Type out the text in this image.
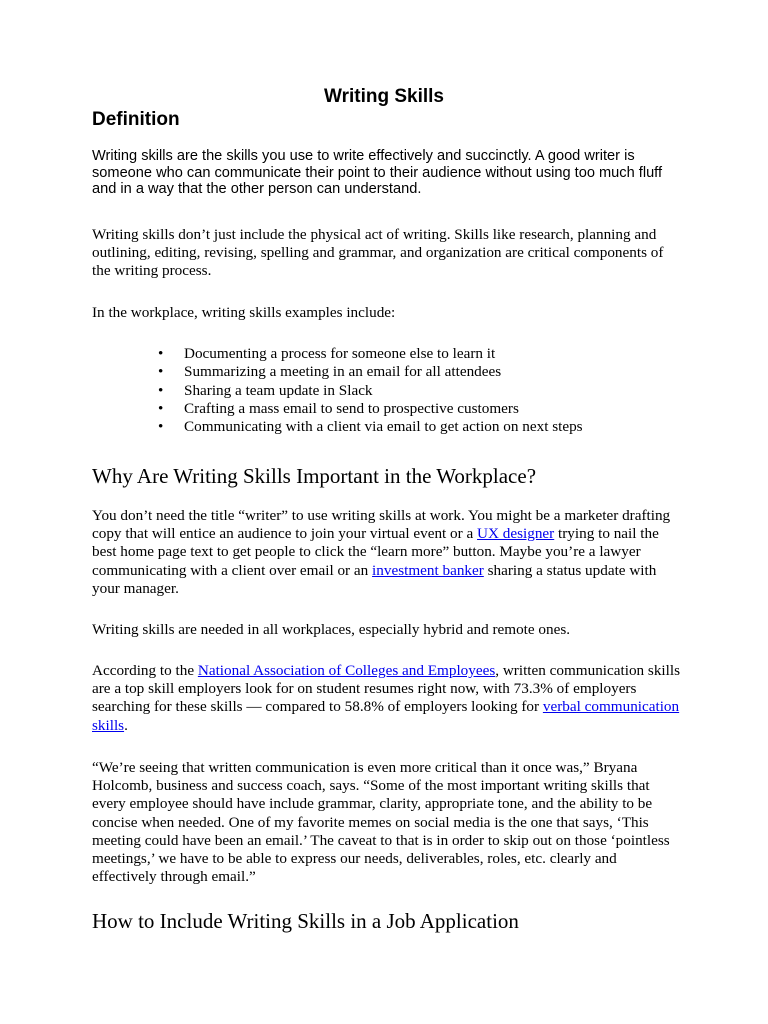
Writing Skills
Definition

Writing skills are the skills you use to write effectively and succinctly. A good writer is someone who can communicate their point to their audience without using too much fluff and in a way that the other person can understand.

Writing skills don’t just include the physical act of writing. Skills like research, planning and outlining, editing, revising, spelling and grammar, and organization are critical components of the writing process.

In the workplace, writing skills examples include:

• Documenting a process for someone else to learn it
• Summarizing a meeting in an email for all attendees
• Sharing a team update in Slack
• Crafting a mass email to send to prospective customers
• Communicating with a client via email to get action on next steps
Why Are Writing Skills Important in the Workplace?

You don’t need the title “writer” to use writing skills at work. You might be a marketer drafting copy that will entice an audience to join your virtual event or a UX designer trying to nail the best home page text to get people to click the “learn more” button. Maybe you’re a lawyer communicating with a client over email or an investment banker sharing a status update with your manager.

Writing skills are needed in all workplaces, especially hybrid and remote ones.

According to the National Association of Colleges and Employees, written communication skills are a top skill employers look for on student resumes right now, with 73.3% of employers searching for these skills — compared to 58.8% of employers looking for verbal communication skills.

“We’re seeing that written communication is even more critical than it once was,” Bryana Holcomb, business and success coach, says. “Some of the most important writing skills that every employee should have include grammar, clarity, appropriate tone, and the ability to be concise when needed. One of my favorite memes on social media is the one that says, ‘This meeting could have been an email.’ The caveat to that is in order to skip out on those ‘pointless meetings,’ we have to be able to express our needs, deliverables, roles, etc. clearly and effectively through email.”

How to Include Writing Skills in a Job Application
